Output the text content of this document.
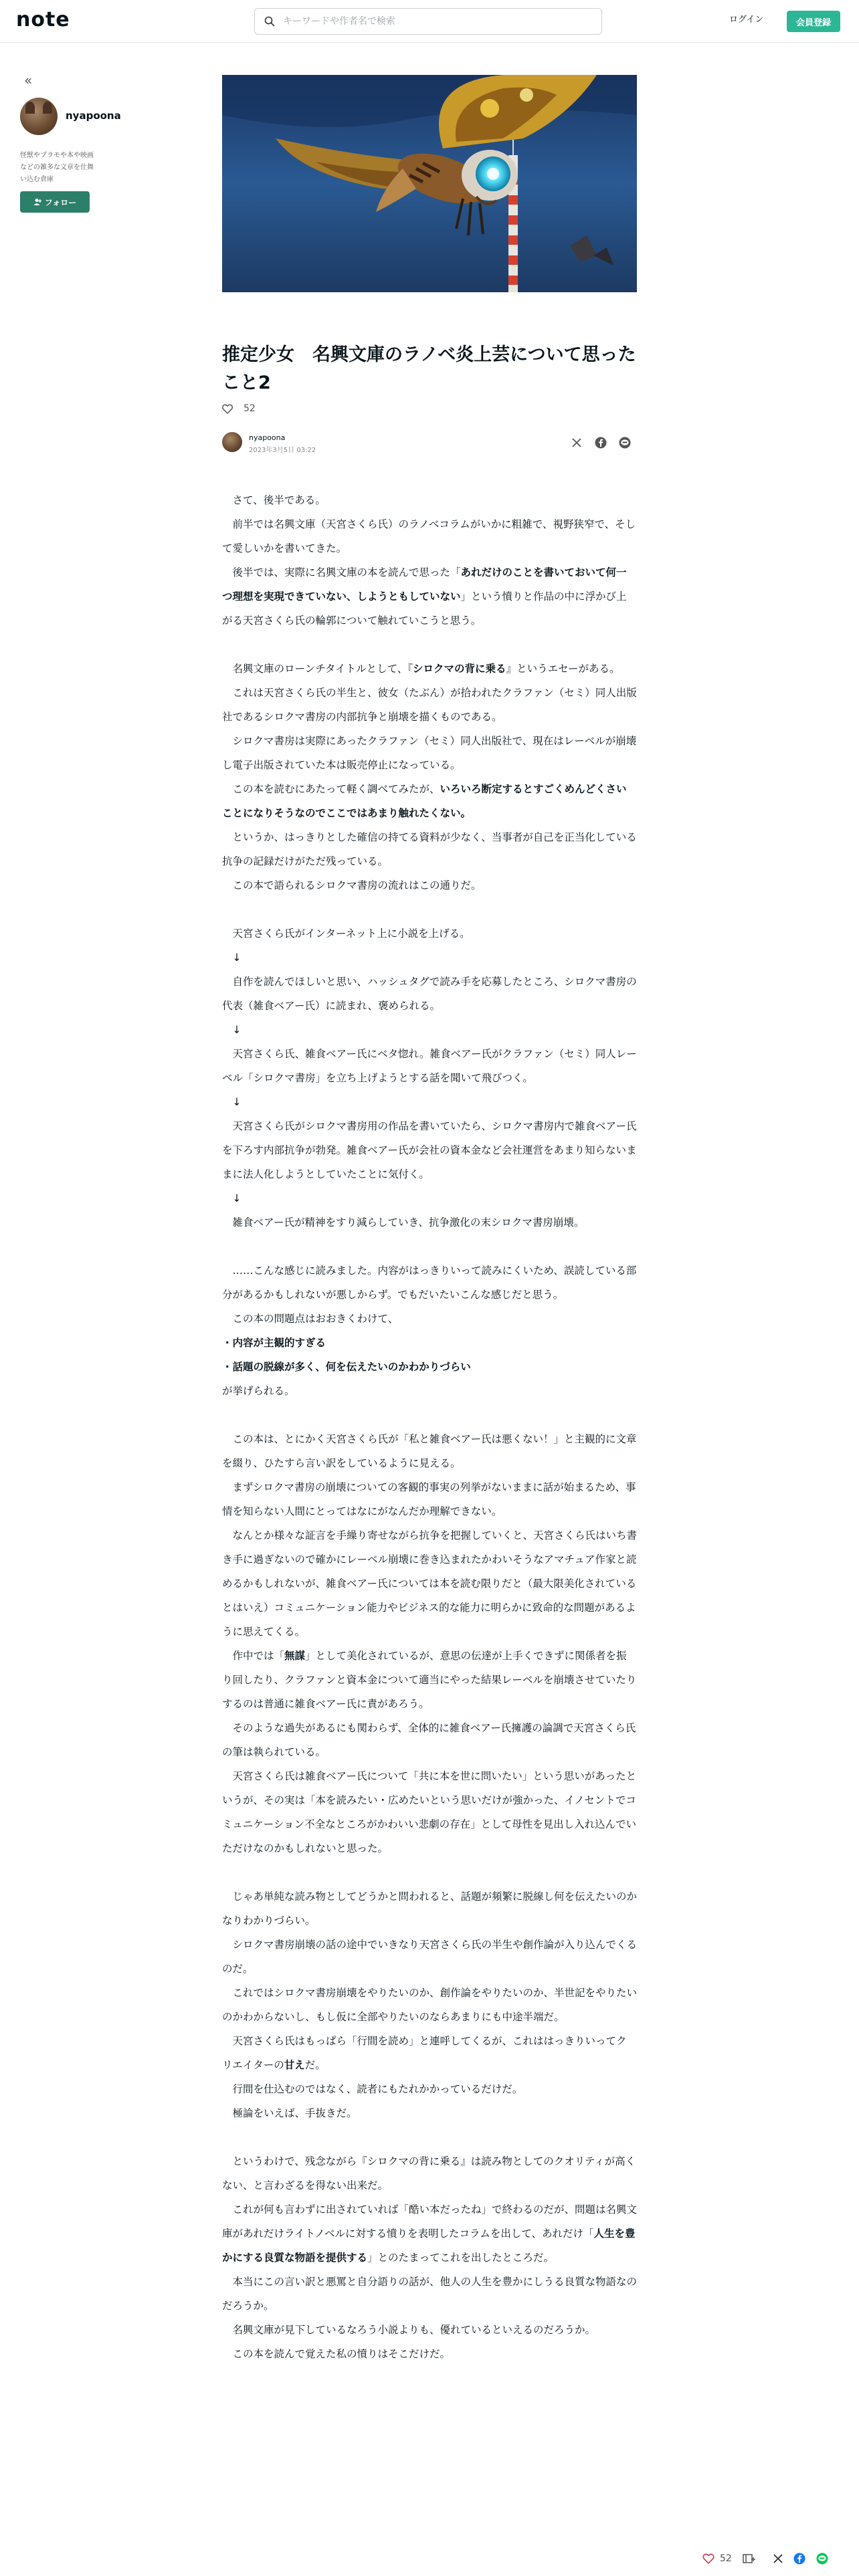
note
キーワードや作者名で検索	ログイン	会員登録
«
nyapoona
怪獣やプラモや本や映画などの雑多な文章を仕舞い込む倉庫
フォロー
推定少女　名興文庫のラノベ炎上芸について思ったこと2
52
nyapoona
2023年3月5日 03:22

　さて、後半である。

　前半では名興文庫（天宮さくら氏）のラノベコラムがいかに粗雑で、視野狭窄で、そして愛しいかを書いてきた。

　後半では、実際に名興文庫の本を読んで思った「あれだけのことを書いておいて何一つ理想を実現できていない、しようともしていない」という憤りと作品の中に浮かび上がる天宮さくら氏の輪郭について触れていこうと思う。

　名興文庫のローンチタイトルとして、『シロクマの背に乗る』というエセーがある。

　これは天宮さくら氏の半生と、彼女（たぶん）が拾われたクラファン（セミ）同人出版社であるシロクマ書房の内部抗争と崩壊を描くものである。

　シロクマ書房は実際にあったクラファン（セミ）同人出版社で、現在はレーベルが崩壊し電子出版されていた本は販売停止になっている。

　この本を読むにあたって軽く調べてみたが、いろいろ断定するとすごくめんどくさいことになりそうなのでここではあまり触れたくない。

　というか、はっきりとした確信の持てる資料が少なく、当事者が自己を正当化している抗争の記録だけがただ残っている。

　この本で語られるシロクマ書房の流れはこの通りだ。

　天宮さくら氏がインターネット上に小説を上げる。

　↓

　自作を読んでほしいと思い、ハッシュタグで読み手を応募したところ、シロクマ書房の代表（雑食ベアー氏）に読まれ、褒められる。

　↓

　天宮さくら氏、雑食ベアー氏にベタ惚れ。雑食ベアー氏がクラファン（セミ）同人レーベル「シロクマ書房」を立ち上げようとする話を聞いて飛びつく。

　↓

　天宮さくら氏がシロクマ書房用の作品を書いていたら、シロクマ書房内で雑食ベアー氏を下ろす内部抗争が勃発。雑食ベアー氏が会社の資本金など会社運営をあまり知らないままに法人化しようとしていたことに気付く。

　↓

　雑食ベアー氏が精神をすり減らしていき、抗争激化の末シロクマ書房崩壊。

　……こんな感じに読みました。内容がはっきりいって読みにくいため、誤読している部分があるかもしれないが悪しからず。でもだいたいこんな感じだと思う。

　この本の問題点はおおきくわけて、

・内容が主観的すぎる

・話題の脱線が多く、何を伝えたいのかわかりづらい

が挙げられる。

　この本は、とにかく天宮さくら氏が「私と雑食ベアー氏は悪くない！」と主観的に文章を綴り、ひたすら言い訳をしているように見える。

　まずシロクマ書房の崩壊についての客観的事実の列挙がないままに話が始まるため、事情を知らない人間にとってはなにがなんだか理解できない。

　なんとか様々な証言を手繰り寄せながら抗争を把握していくと、天宮さくら氏はいち書き手に過ぎないので確かにレーベル崩壊に巻き込まれたかわいそうなアマチュア作家と読めるかもしれないが、雑食ベアー氏については本を読む限りだと（最大限美化されているとはいえ）コミュニケーション能力やビジネス的な能力に明らかに致命的な問題があるように思えてくる。

　作中では「無謀」として美化されているが、意思の伝達が上手くできずに関係者を振り回したり、クラファンと資本金について適当にやった結果レーベルを崩壊させていたりするのは普通に雑食ベアー氏に責があろう。

　そのような過失があるにも関わらず、全体的に雑食ベアー氏擁護の論調で天宮さくら氏の筆は執られている。

　天宮さくら氏は雑食ベアー氏について「共に本を世に問いたい」という思いがあったというが、その実は「本を読みたい・広めたいという思いだけが強かった、イノセントでコミュニケーション不全なところがかわいい悲劇の存在」として母性を見出し入れ込んでいただけなのかもしれないと思った。

　じゃあ単純な読み物としてどうかと問われると、話題が頻繁に脱線し何を伝えたいのかなりわかりづらい。

　シロクマ書房崩壊の話の途中でいきなり天宮さくら氏の半生や創作論が入り込んでくるのだ。

　これではシロクマ書房崩壊をやりたいのか、創作論をやりたいのか、半世記をやりたいのかわからないし、もし仮に全部やりたいのならあまりにも中途半端だ。

　天宮さくら氏はもっぱら「行間を読め」と連呼してくるが、これははっきりいってクリエイターの甘えだ。

　行間を仕込むのではなく、読者にもたれかかっているだけだ。

　極論をいえば、手抜きだ。

　というわけで、残念ながら『シロクマの背に乗る』は読み物としてのクオリティが高くない、と言わざるを得ない出来だ。

　これが何も言わずに出されていれば「酷い本だったね」で終わるのだが、問題は名興文庫があれだけライトノベルに対する憤りを表明したコラムを出して、あれだけ「人生を豊かにする良質な物語を提供する」とのたまってこれを出したところだ。

　本当にこの言い訳と悪罵と自分語りの話が、他人の人生を豊かにしうる良質な物語なのだろうか。

　名興文庫が見下しているなろう小説よりも、優れているといえるのだろうか。

　この本を読んで覚えた私の憤りはそこだけだ。

52
